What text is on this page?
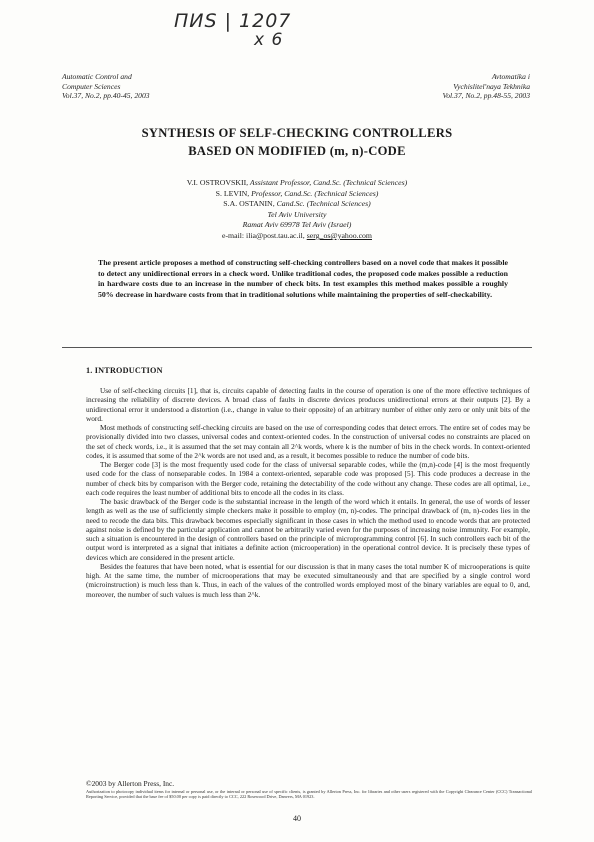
ПИS | 1207
x 6
Automatic Control and
Computer Sciences
Vol.37, No.2, pp.40-45, 2003
Avtomatika i
Vychislitel'naya Tekhnika
Vol.37, No.2, pp.48-55, 2003
SYNTHESIS OF SELF-CHECKING CONTROLLERS
BASED ON MODIFIED (m, n)-CODE
V.I. OSTROVSKII, Assistant Professor, Cand.Sc. (Technical Sciences)
S. LEVIN, Professor, Cand.Sc. (Technical Sciences)
S.A. OSTANIN, Cand.Sc. (Technical Sciences)
Tel Aviv University
Ramat Aviv 69978 Tel Aviv (Israel)
e-mail: ilia@post.tau.ac.il, serg_os@yahoo.com
The present article proposes a method of constructing self-checking controllers based on a novel code that makes it possible to detect any unidirectional errors in a check word. Unlike traditional codes, the proposed code makes possible a reduction in hardware costs due to an increase in the number of check bits. In test examples this method makes possible a roughly 50% decrease in hardware costs from that in traditional solutions while maintaining the properties of self-checkability.
1. INTRODUCTION

Use of self-checking circuits [1], that is, circuits capable of detecting faults in the course of operation is one of the more effective techniques of increasing the reliability of discrete devices. A broad class of faults in discrete devices produces unidirectional errors at their outputs [2]. By a unidirectional error it understood a distortion (i.e., change in value to their opposite) of an arbitrary number of either only zero or only unit bits of the word.

Most methods of constructing self-checking circuits are based on the use of corresponding codes that detect errors. The entire set of codes may be provisionally divided into two classes, universal codes and context-oriented codes. In the construction of universal codes no constraints are placed on the set of check words, i.e., it is assumed that the set may contain all 2^k words, where k is the number of bits in the check words. In context-oriented codes, it is assumed that some of the 2^k words are not used and, as a result, it becomes possible to reduce the number of code bits.

The Berger code [3] is the most frequently used code for the class of universal separable codes, while the (m,n)-code [4] is the most frequently used code for the class of nonseparable codes. In 1984 a context-oriented, separable code was proposed [5]. This code produces a decrease in the number of check bits by comparison with the Berger code, retaining the detectability of the code without any change. These codes are all optimal, i.e., each code requires the least number of additional bits to encode all the codes in its class.

The basic drawback of the Berger code is the substantial increase in the length of the word which it entails. In general, the use of words of lesser length as well as the use of sufficiently simple checkers make it possible to employ (m, n)-codes. The principal drawback of (m, n)-codes lies in the need to recode the data bits. This drawback becomes especially significant in those cases in which the method used to encode words that are protected against noise is defined by the particular application and cannot be arbitrarily varied even for the purposes of increasing noise immunity. For example, such a situation is encountered in the design of controllers based on the principle of microprogramming control [6]. In such controllers each bit of the output word is interpreted as a signal that initiates a definite action (microoperation) in the operational control device. It is precisely these types of devices which are considered in the present article.

Besides the features that have been noted, what is essential for our discussion is that in many cases the total number K of microoperations is quite high. At the same time, the number of microoperations that may be executed simultaneously and that are specified by a single control word (microinstruction) is much less than k. Thus, in each of the values of the controlled words employed most of the binary variables are equal to 0, and, moreover, the number of such values is much less than 2^k.

©2003 by Allerton Press, Inc.
Authorization to photocopy individual items for internal or personal use, or the internal or personal use of specific clients, is granted by Allerton Press, Inc. for libraries and other users registered with the Copyright Clearance Center (CCC) Transactional Reporting Service, provided that the base fee of $50.00 per copy is paid directly to CCC, 222 Rosewood Drive, Danvers, MA 01923.
40
